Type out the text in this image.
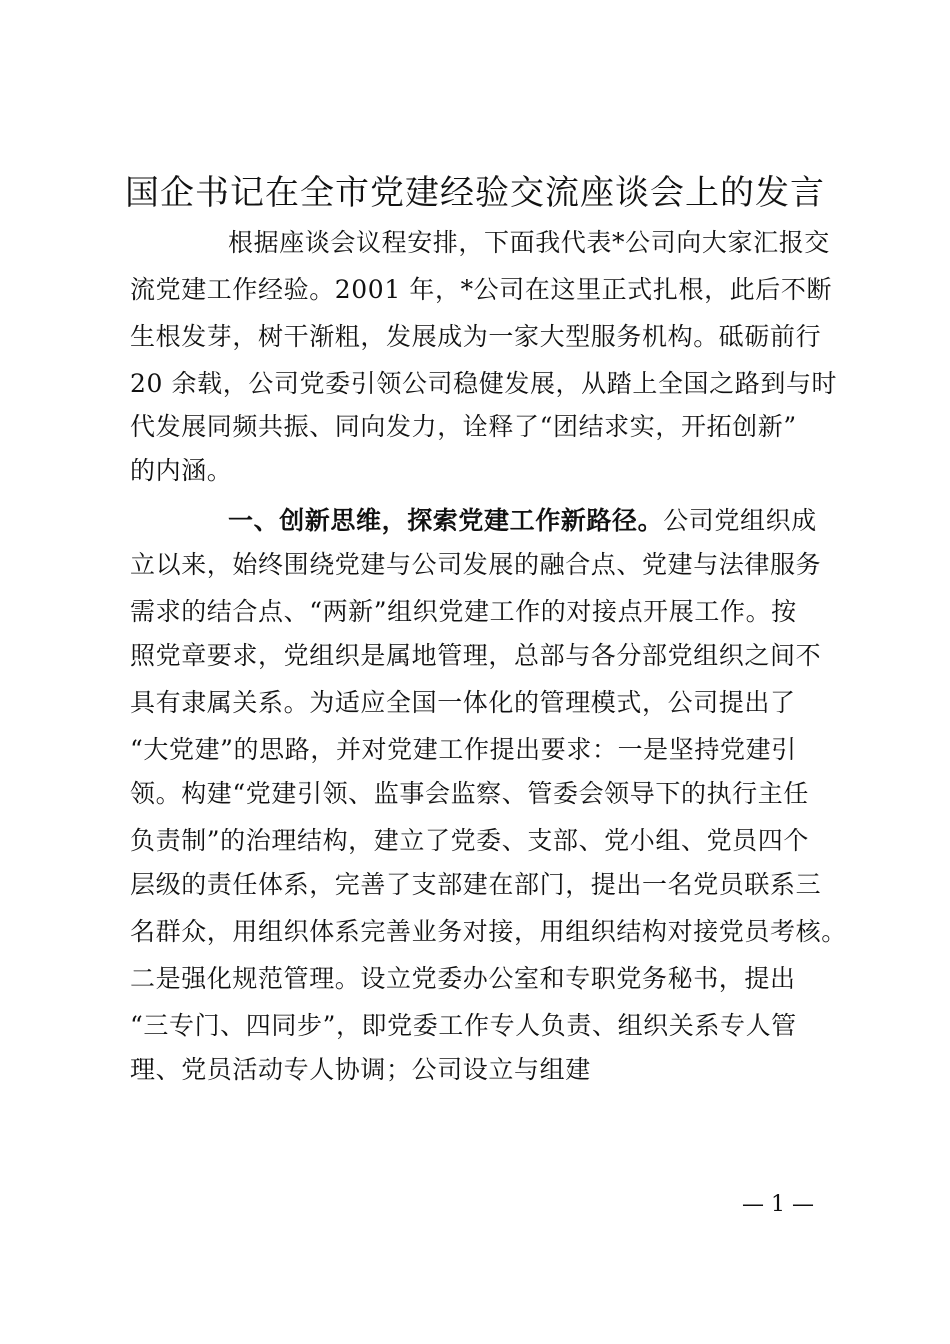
国企书记在全市党建经验交流座谈会上的发言
根据座谈会议程安排，下面我代表*公司向大家汇报交
流党建工作经验。2001 年，*公司在这里正式扎根，此后不断
生根发芽，树干渐粗，发展成为一家大型服务机构。砥砺前行
20 余载，公司党委引领公司稳健发展，从踏上全国之路到与时
代发展同频共振、同向发力，诠释了“团结求实，开拓创新”
的内涵。
一、创新思维，探索党建工作新路径。公司党组织成
立以来，始终围绕党建与公司发展的融合点、党建与法律服务
需求的结合点、“两新”组织党建工作的对接点开展工作。按
照党章要求，党组织是属地管理，总部与各分部党组织之间不
具有隶属关系。为适应全国一体化的管理模式，公司提出了
“大党建”的思路，并对党建工作提出要求：一是坚持党建引
领。构建“党建引领、监事会监察、管委会领导下的执行主任
负责制”的治理结构，建立了党委、支部、党小组、党员四个
层级的责任体系，完善了支部建在部门，提出一名党员联系三
名群众，用组织体系完善业务对接，用组织结构对接党员考核。
二是强化规范管理。设立党委办公室和专职党务秘书，提出
“三专门、四同步”，即党委工作专人负责、组织关系专人管
理、党员活动专人协调；公司设立与组建
— 1 —
